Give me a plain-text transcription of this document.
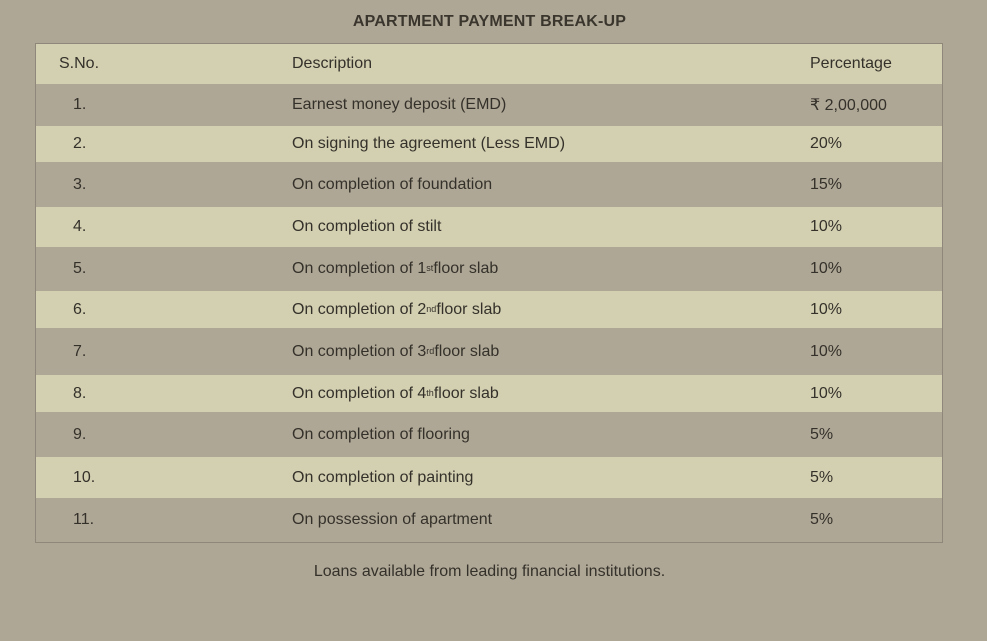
APARTMENT PAYMENT BREAK-UP
S.No.	Description	Percentage
1.	Earnest money deposit (EMD)	₹ 2,00,000
2.	On signing the agreement (Less EMD)	20%
3.	On completion of foundation	15%
4.	On completion of stilt	10%
5.	On completion of 1st floor slab	10%
6.	On completion of 2nd floor slab	10%
7.	On completion of 3rd floor slab	10%
8.	On completion of 4th floor slab	10%
9.	On completion of flooring	5%
10.	On completion of painting	5%
11.	On possession of apartment	5%
Loans available from leading financial institutions.
